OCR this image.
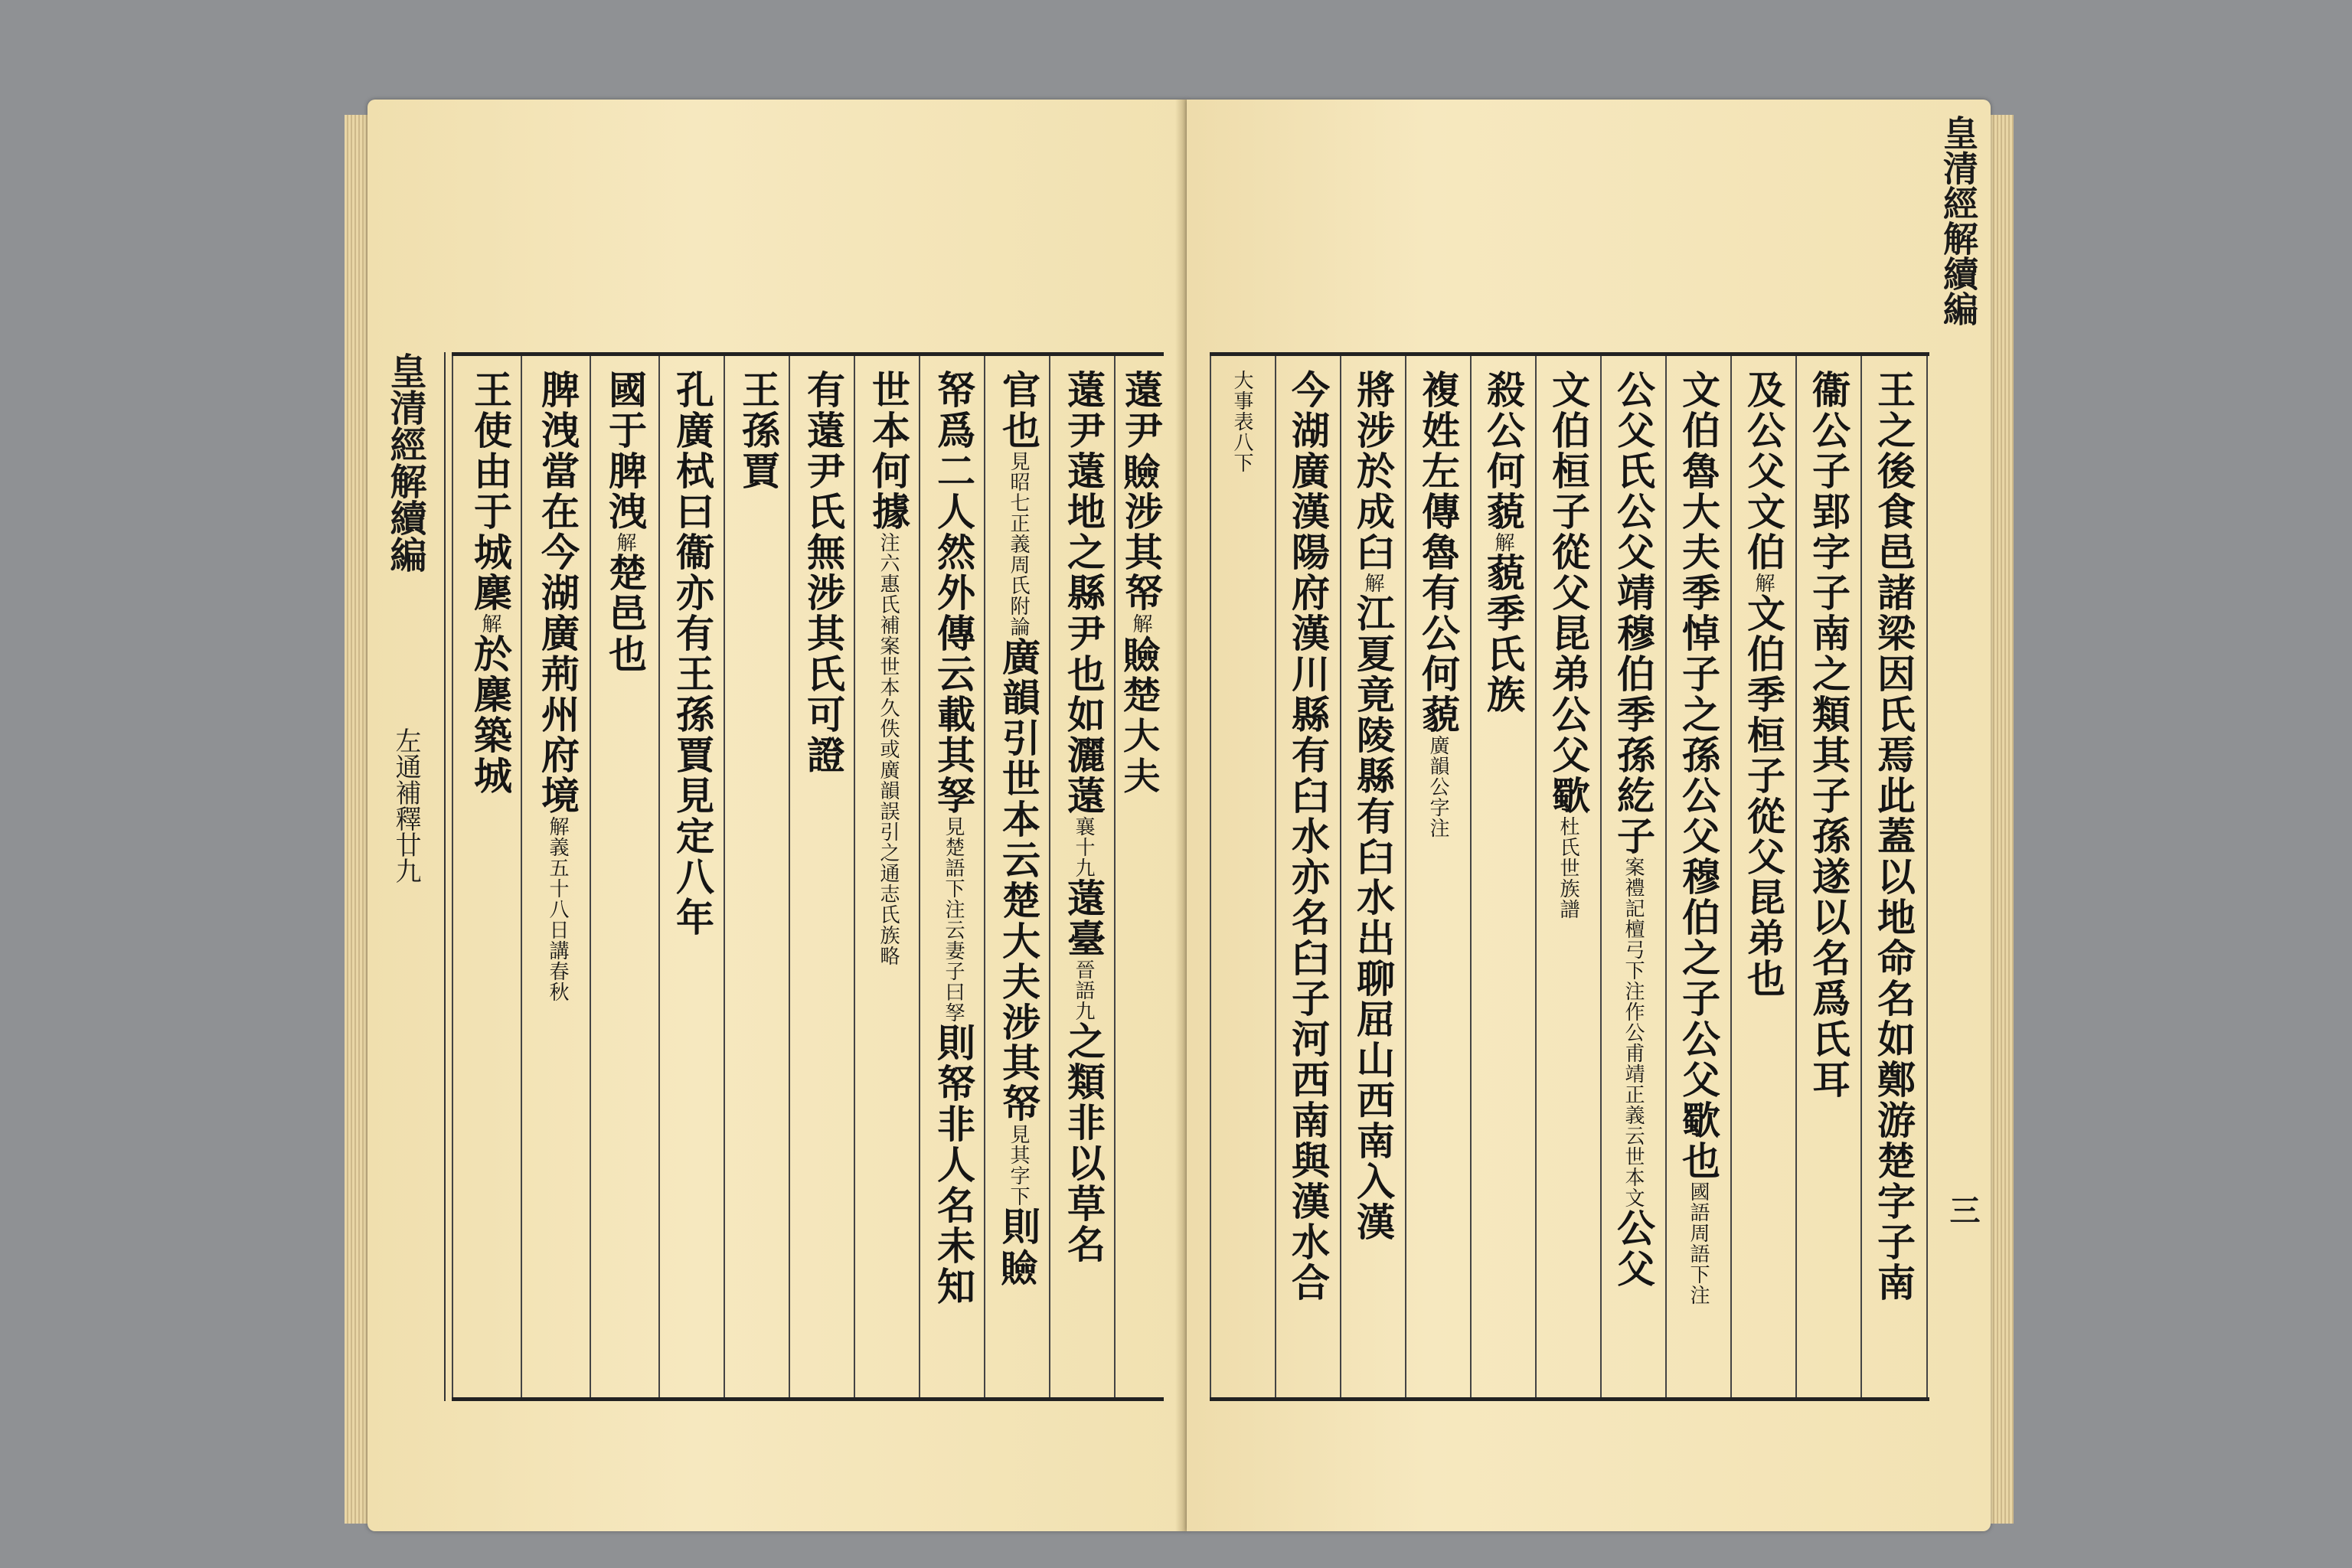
皇清經解續編
左通補釋廿九
王使由于城麇解於麇築城 脾洩當在今湖廣荊州府境解義五十八日講春秋
國于脾洩解楚邑也 孔廣栻曰衞亦有王孫賈見定八年 王孫賈 有薳尹氏無涉其氏可證 世本何據注六惠氏補案世本久佚或廣韻誤引之通志氏族略 帑爲二人然外傳云載其孥見楚語下注云妻子曰孥則帑非人名未知
官也見昭七正義周氏附論廣韻引世本云楚大夫涉其帑見其字下則𧸘
薳尹薳地之縣尹也如灑薳襄十九薳臺晉語九之類非以草名
薳尹𧸘涉其帑解𧸘楚大夫
大事表八下 今湖廣漢陽府漢川縣有臼水亦名臼子河西南與漢水合 將涉於成臼解江夏竟陵縣有臼水出聊屈山西南入漢
複姓左傳魯有公何藐廣韻公字注
殺公何藐解藐季氏族 文伯桓子從父昆弟公父歜杜氏世族譜
公父氏公父靖穆伯季孫紇子案禮記檀弓下注作公甫靖正義云世本文公父
文伯魯大夫季悼子之孫公父穆伯之子公父歜也國語周語下注
及公父文伯解文伯季桓子從父昆弟也 衞公子郢字子南之類其子孫遂以名爲氏耳 王之後食邑諸梁因氏焉此蓋以地命名如鄭游楚字子南
皇清經解續編
三
